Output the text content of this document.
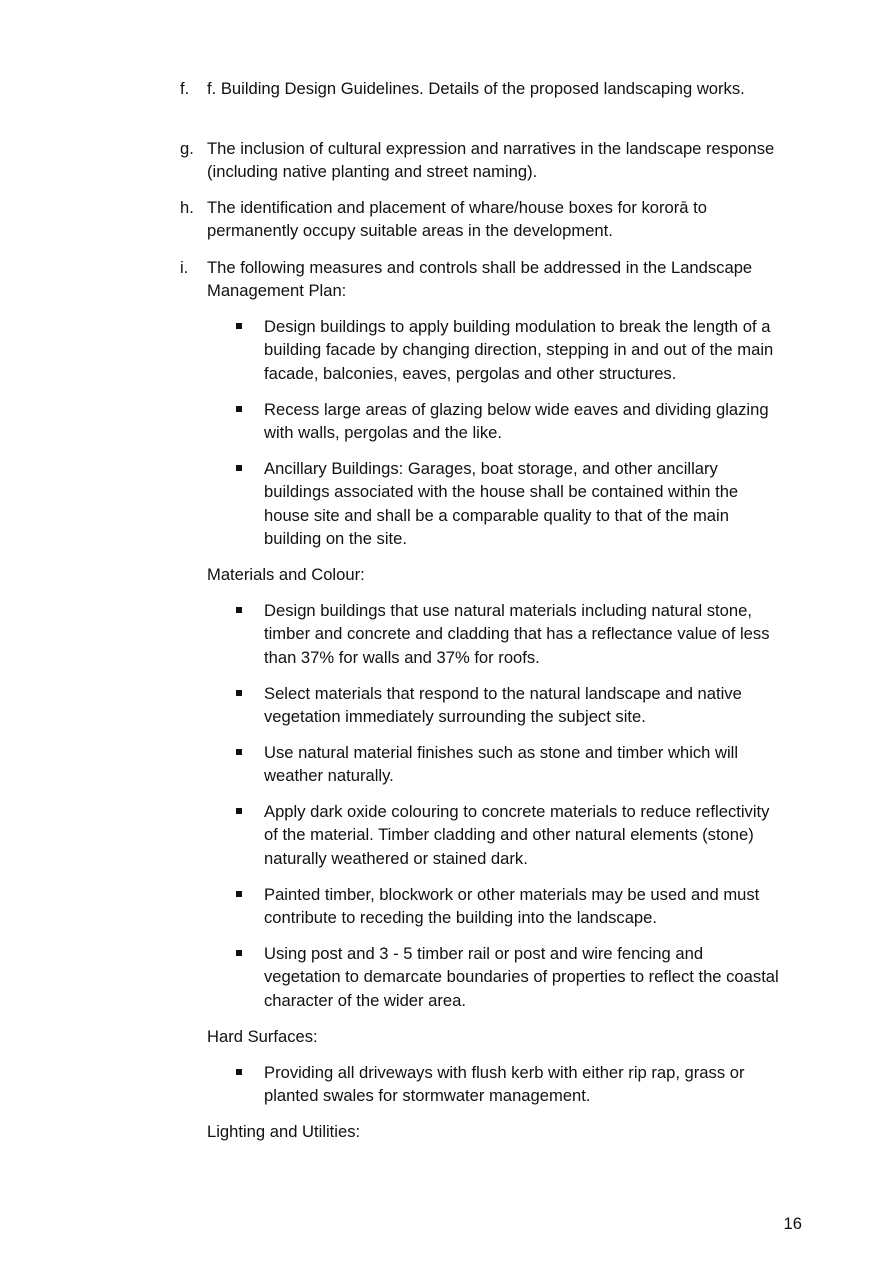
f.	f. Building Design Guidelines. Details of the proposed landscaping works.
g. The inclusion of cultural expression and narratives in the landscape response (including native planting and street naming).
h. The identification and placement of whare/house boxes for kororā to permanently occupy suitable areas in the development.
i.	The following measures and controls shall be addressed in the Landscape Management Plan:
Design buildings to apply building modulation to break the length of a building facade by changing direction, stepping in and out of the main facade, balconies, eaves, pergolas and other structures.
Recess large areas of glazing below wide eaves and dividing glazing with walls, pergolas and the like.
Ancillary Buildings: Garages, boat storage, and other ancillary buildings associated with the house shall be contained within the house site and shall be a comparable quality to that of the main building on the site.
Materials and Colour:
Design buildings that use natural materials including natural stone, timber and concrete and cladding that has a reflectance value of less than 37% for walls and 37% for roofs.
Select materials that respond to the natural landscape and native vegetation immediately surrounding the subject site.
Use natural material finishes such as stone and timber which will weather naturally.
Apply dark oxide colouring to concrete materials to reduce reflectivity of the material. Timber cladding and other natural elements (stone) naturally weathered or stained dark.
Painted timber, blockwork or other materials may be used and must contribute to receding the building into the landscape.
Using post and 3 - 5 timber rail or post and wire fencing and vegetation to demarcate boundaries of properties to reflect the coastal character of the wider area.
Hard Surfaces:
Providing all driveways with flush kerb with either rip rap, grass or planted swales for stormwater management.
Lighting and Utilities:
16
